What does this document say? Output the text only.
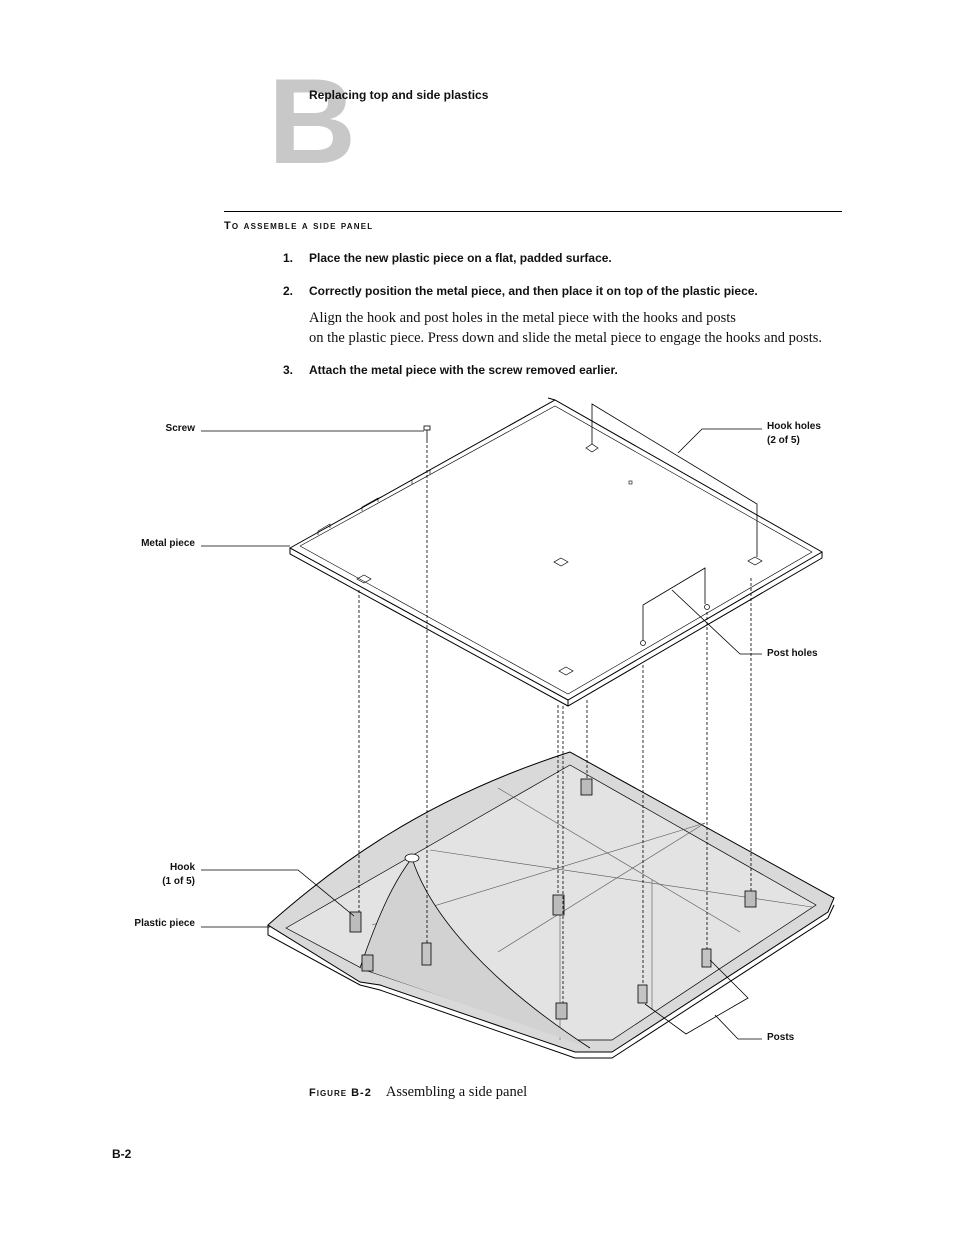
B
Replacing top and side plastics
To assemble a side panel
1. Place the new plastic piece on a flat, padded surface.
2. Correctly position the metal piece, and then place it on top of the plastic piece.
Align the hook and post holes in the metal piece with the hooks and posts
on the plastic piece. Press down and slide the metal piece to engage the hooks and posts.
3. Attach the metal piece with the screw removed earlier.
Screw
Metal piece
Hook holes
(2 of 5)
Post holes
Hook
(1 of 5)
Plastic piece
Posts
Figure B-2 Assembling a side panel
B-2
